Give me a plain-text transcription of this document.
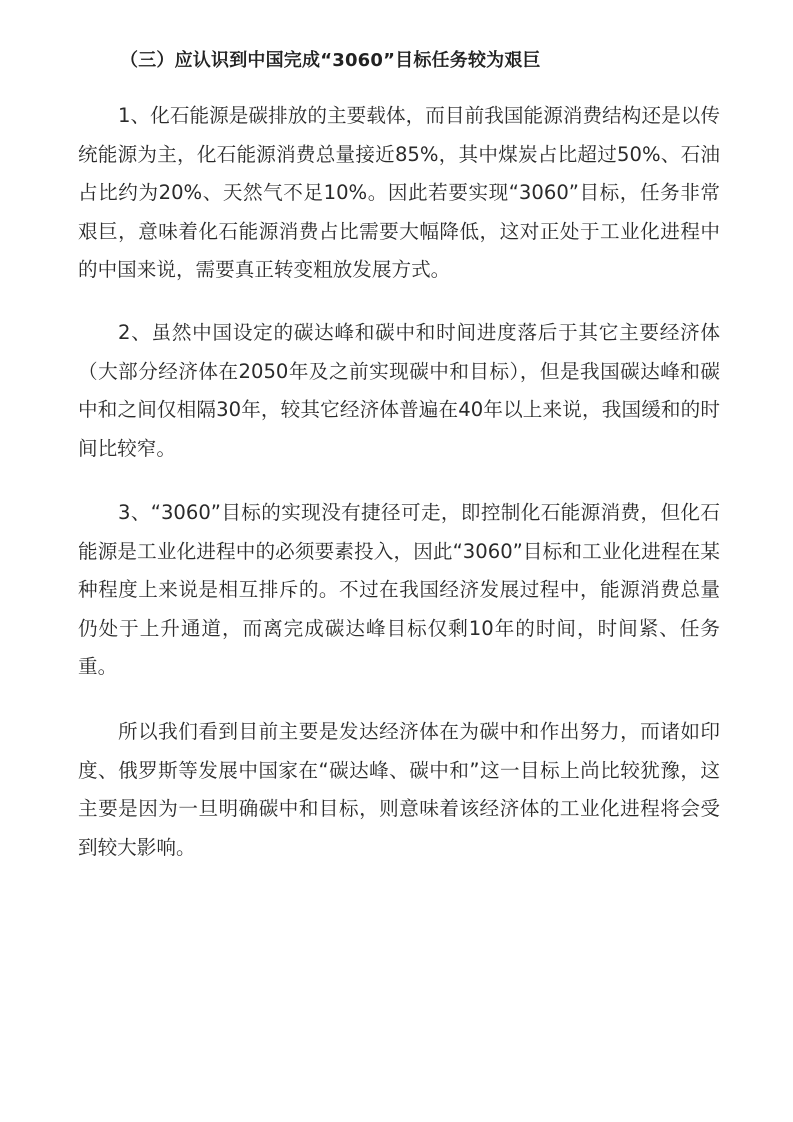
（三）应认识到中国完成“3060”目标任务较为艰巨

1、化石能源是碳排放的主要载体，而目前我国能源消费结构还是以传统能源为主，化石能源消费总量接近85%，其中煤炭占比超过50%、石油占比约为20%、天然气不足10%。因此若要实现“3060”目标，任务非常艰巨，意味着化石能源消费占比需要大幅降低，这对正处于工业化进程中的中国来说，需要真正转变粗放发展方式。

2、虽然中国设定的碳达峰和碳中和时间进度落后于其它主要经济体（大部分经济体在2050年及之前实现碳中和目标），但是我国碳达峰和碳中和之间仅相隔30年，较其它经济体普遍在40年以上来说，我国缓和的时间比较窄。

3、“3060”目标的实现没有捷径可走，即控制化石能源消费，但化石能源是工业化进程中的必须要素投入，因此“3060”目标和工业化进程在某种程度上来说是相互排斥的。不过在我国经济发展过程中，能源消费总量仍处于上升通道，而离完成碳达峰目标仅剩10年的时间，时间紧、任务重。

所以我们看到目前主要是发达经济体在为碳中和作出努力，而诸如印度、俄罗斯等发展中国家在“碳达峰、碳中和”这一目标上尚比较犹豫，这主要是因为一旦明确碳中和目标，则意味着该经济体的工业化进程将会受到较大影响。
